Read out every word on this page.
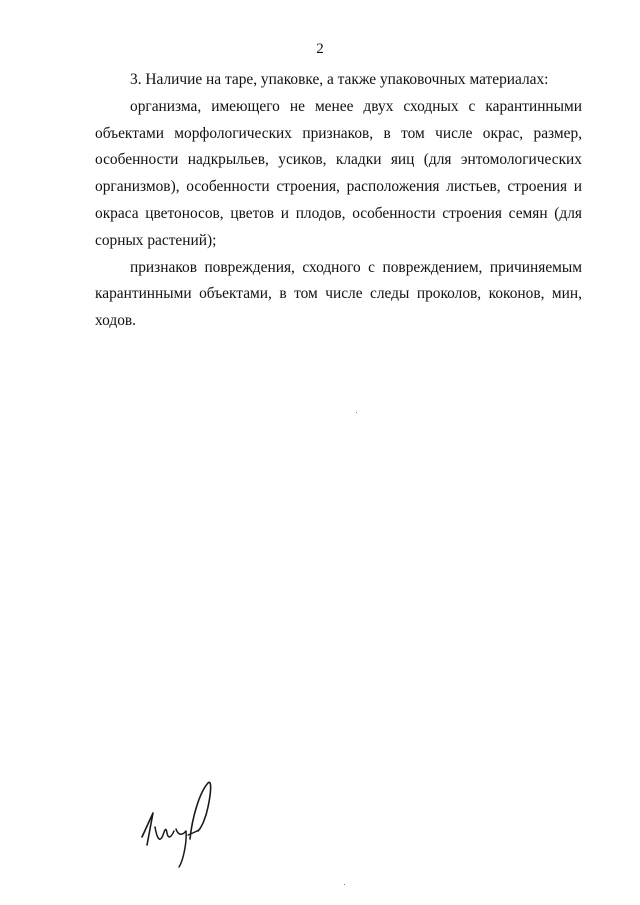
2

3. Наличие на таре, упаковке, а также упаковочных материалах:

организма, имеющего не менее двух сходных с карантинными объектами морфологических признаков, в том числе окрас, размер, особенности надкрыльев, усиков, кладки яиц (для энтомологических организмов), особенности строения, расположения листьев, строения и окраса цветоносов, цветов и плодов, особенности строения семян (для сорных растений);

признаков повреждения, сходного с повреждением, причиняемым карантинными объектами, в том числе следы проколов, коконов, мин, ходов.
